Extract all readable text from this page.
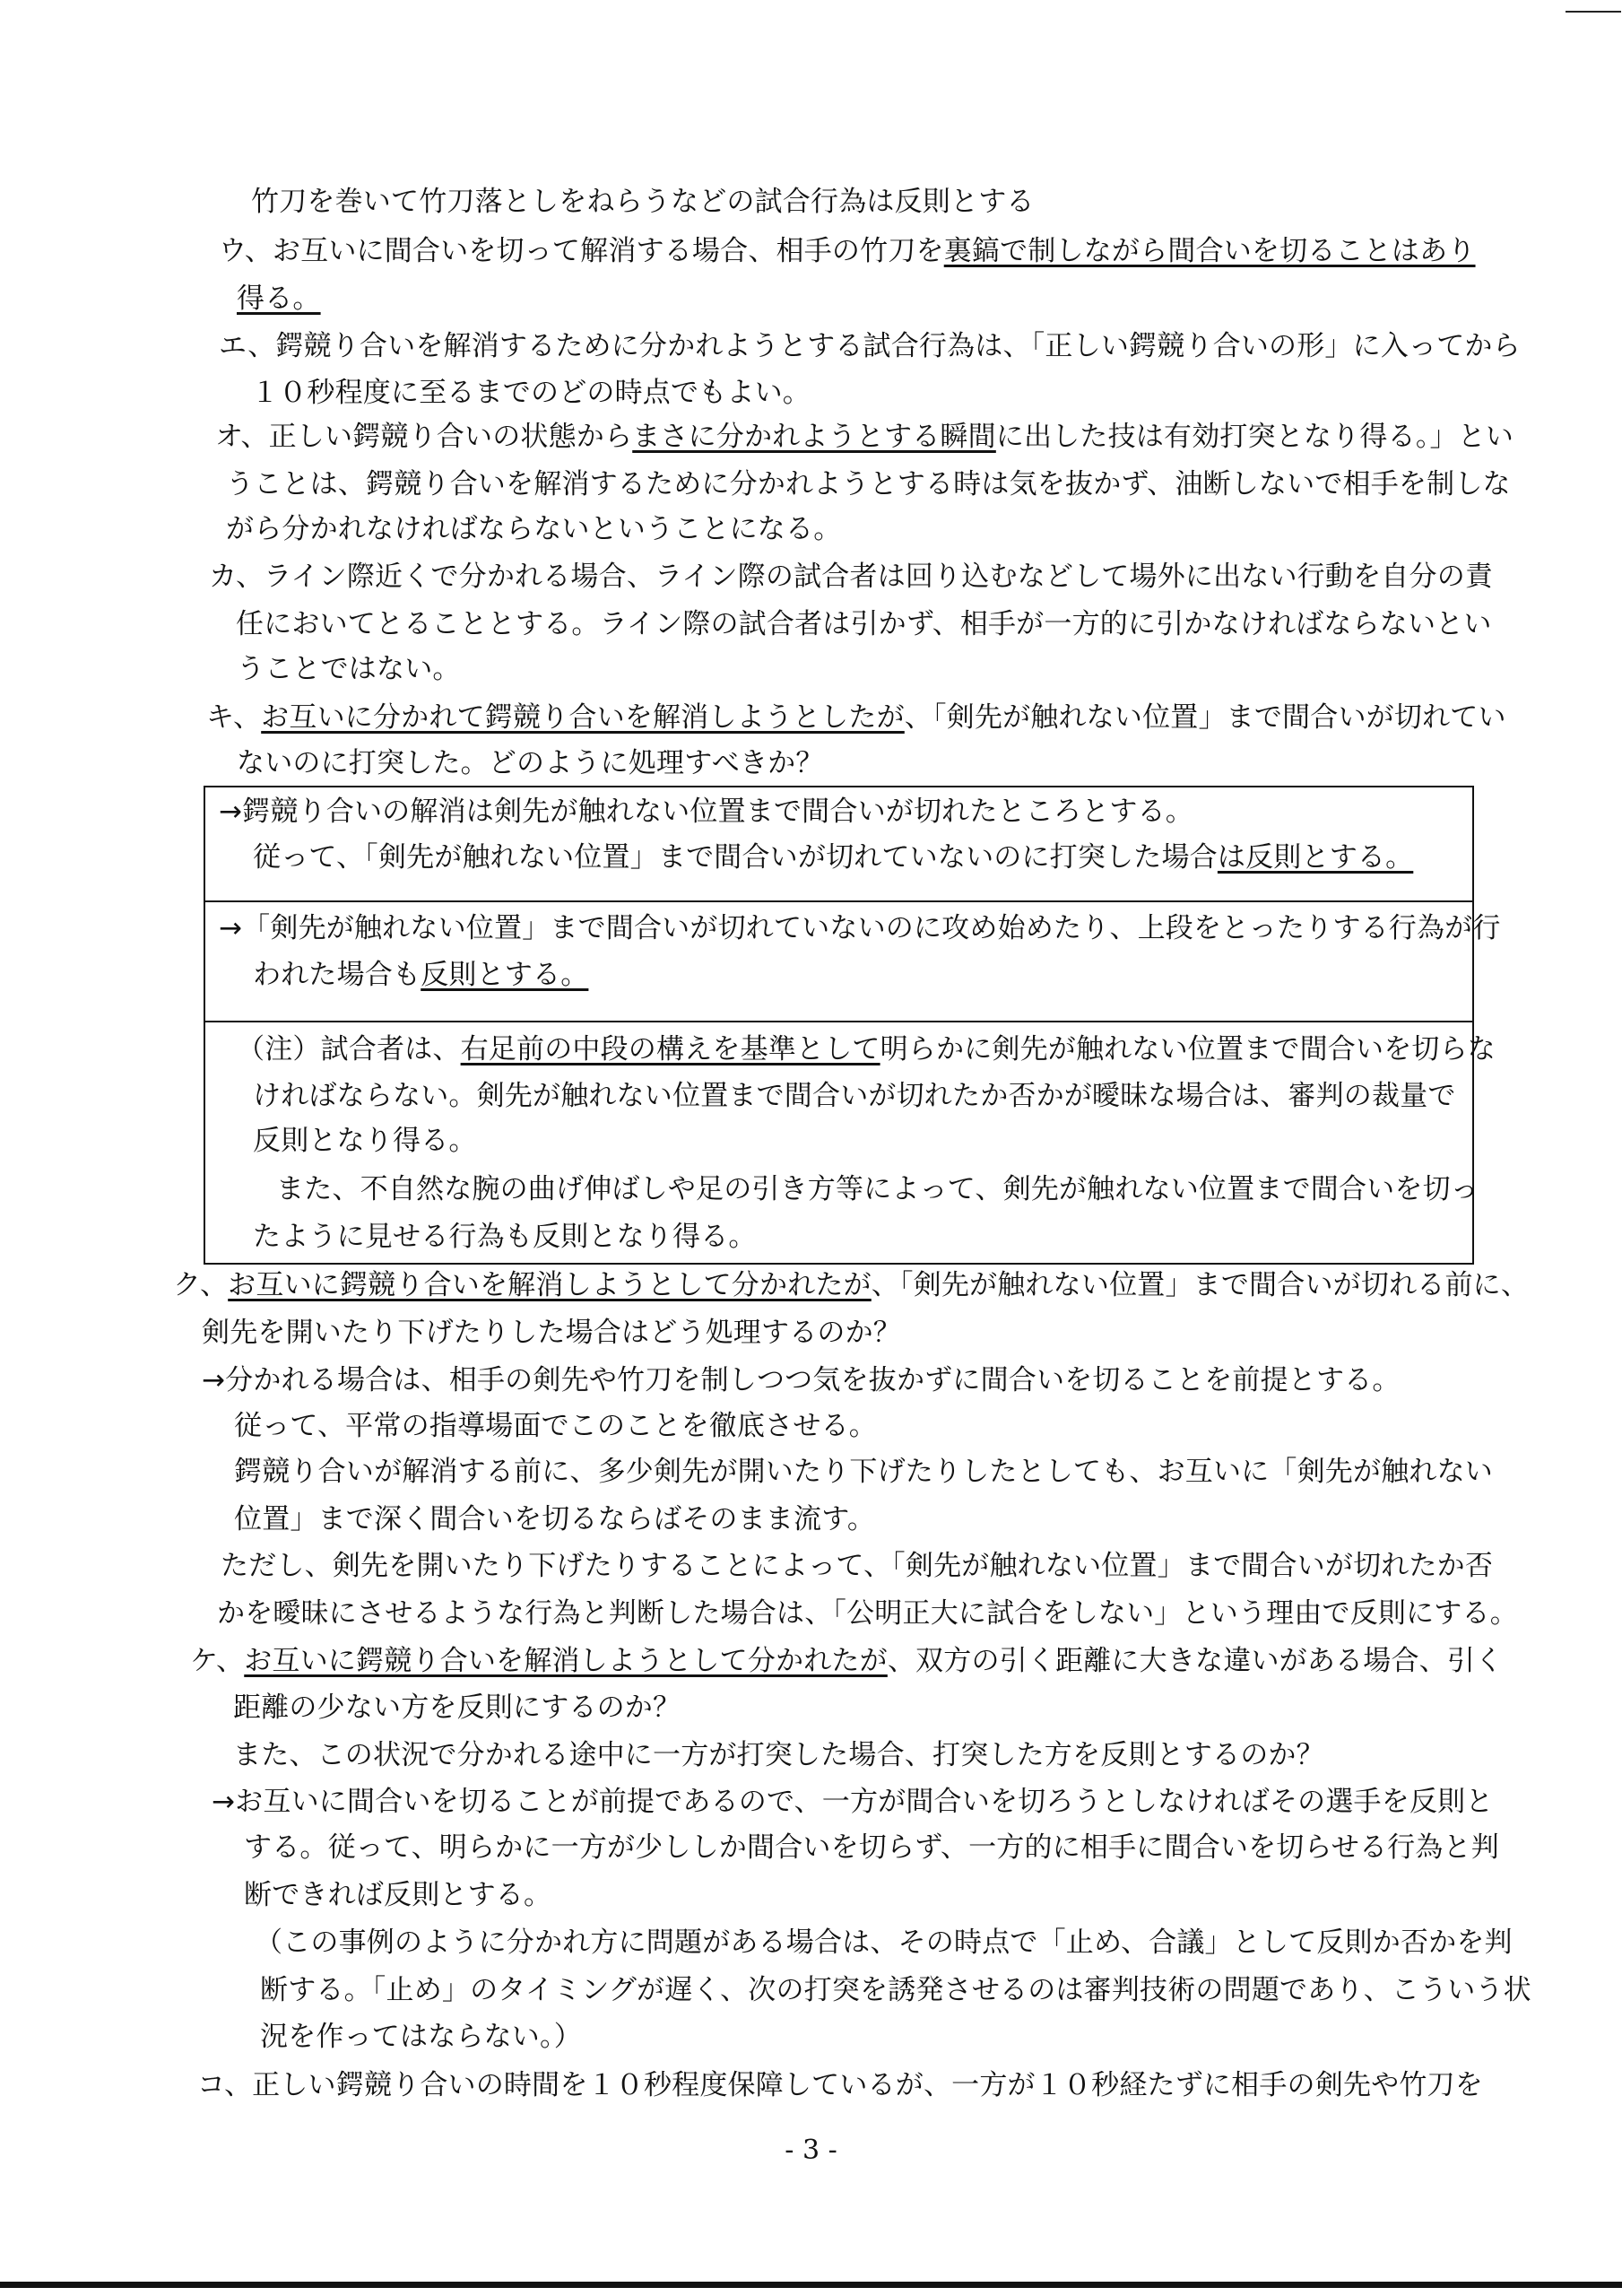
竹刀を巻いて竹刀落としをねらうなどの試合行為は反則とする
ウ、お互いに間合いを切って解消する場合、相手の竹刀を裏鎬で制しながら間合いを切ることはあり
得る。
エ、鍔競り合いを解消するために分かれようとする試合行為は、「正しい鍔競り合いの形」に入ってから
１０秒程度に至るまでのどの時点でもよい。
オ、正しい鍔競り合いの状態からまさに分かれようとする瞬間に出した技は有効打突となり得る。」とい
うことは、鍔競り合いを解消するために分かれようとする時は気を抜かず、油断しないで相手を制しな
がら分かれなければならないということになる。
カ、ライン際近くで分かれる場合、ライン際の試合者は回り込むなどして場外に出ない行動を自分の責
任においてとることとする。ライン際の試合者は引かず、相手が一方的に引かなければならないとい
うことではない。
キ、お互いに分かれて鍔競り合いを解消しようとしたが、「剣先が触れない位置」まで間合いが切れてい
ないのに打突した。どのように処理すべきか？
→鍔競り合いの解消は剣先が触れない位置まで間合いが切れたところとする。
従って、「剣先が触れない位置」まで間合いが切れていないのに打突した場合は反則とする。
→「剣先が触れない位置」まで間合いが切れていないのに攻め始めたり、上段をとったりする行為が行
われた場合も反則とする。
（注）試合者は、右足前の中段の構えを基準として明らかに剣先が触れない位置まで間合いを切らな
ければならない。剣先が触れない位置まで間合いが切れたか否かが曖昧な場合は、審判の裁量で
反則となり得る。
また、不自然な腕の曲げ伸ばしや足の引き方等によって、剣先が触れない位置まで間合いを切っ
たように見せる行為も反則となり得る。
ク、お互いに鍔競り合いを解消しようとして分かれたが、「剣先が触れない位置」まで間合いが切れる前に、
剣先を開いたり下げたりした場合はどう処理するのか？
→分かれる場合は、相手の剣先や竹刀を制しつつ気を抜かずに間合いを切ることを前提とする。
従って、平常の指導場面でこのことを徹底させる。
鍔競り合いが解消する前に、多少剣先が開いたり下げたりしたとしても、お互いに「剣先が触れない
位置」まで深く間合いを切るならばそのまま流す。
ただし、剣先を開いたり下げたりすることによって、「剣先が触れない位置」まで間合いが切れたか否
かを曖昧にさせるような行為と判断した場合は、「公明正大に試合をしない」という理由で反則にする。
ケ、お互いに鍔競り合いを解消しようとして分かれたが、双方の引く距離に大きな違いがある場合、引く
距離の少ない方を反則にするのか？
また、この状況で分かれる途中に一方が打突した場合、打突した方を反則とするのか？
→お互いに間合いを切ることが前提であるので、一方が間合いを切ろうとしなければその選手を反則と
する。従って、明らかに一方が少ししか間合いを切らず、一方的に相手に間合いを切らせる行為と判
断できれば反則とする。
（この事例のように分かれ方に問題がある場合は、その時点で「止め、合議」として反則か否かを判
断する。「止め」のタイミングが遅く、次の打突を誘発させるのは審判技術の問題であり、こういう状
況を作ってはならない。）
コ、正しい鍔競り合いの時間を１０秒程度保障しているが、一方が１０秒経たずに相手の剣先や竹刀を
- 3 -
